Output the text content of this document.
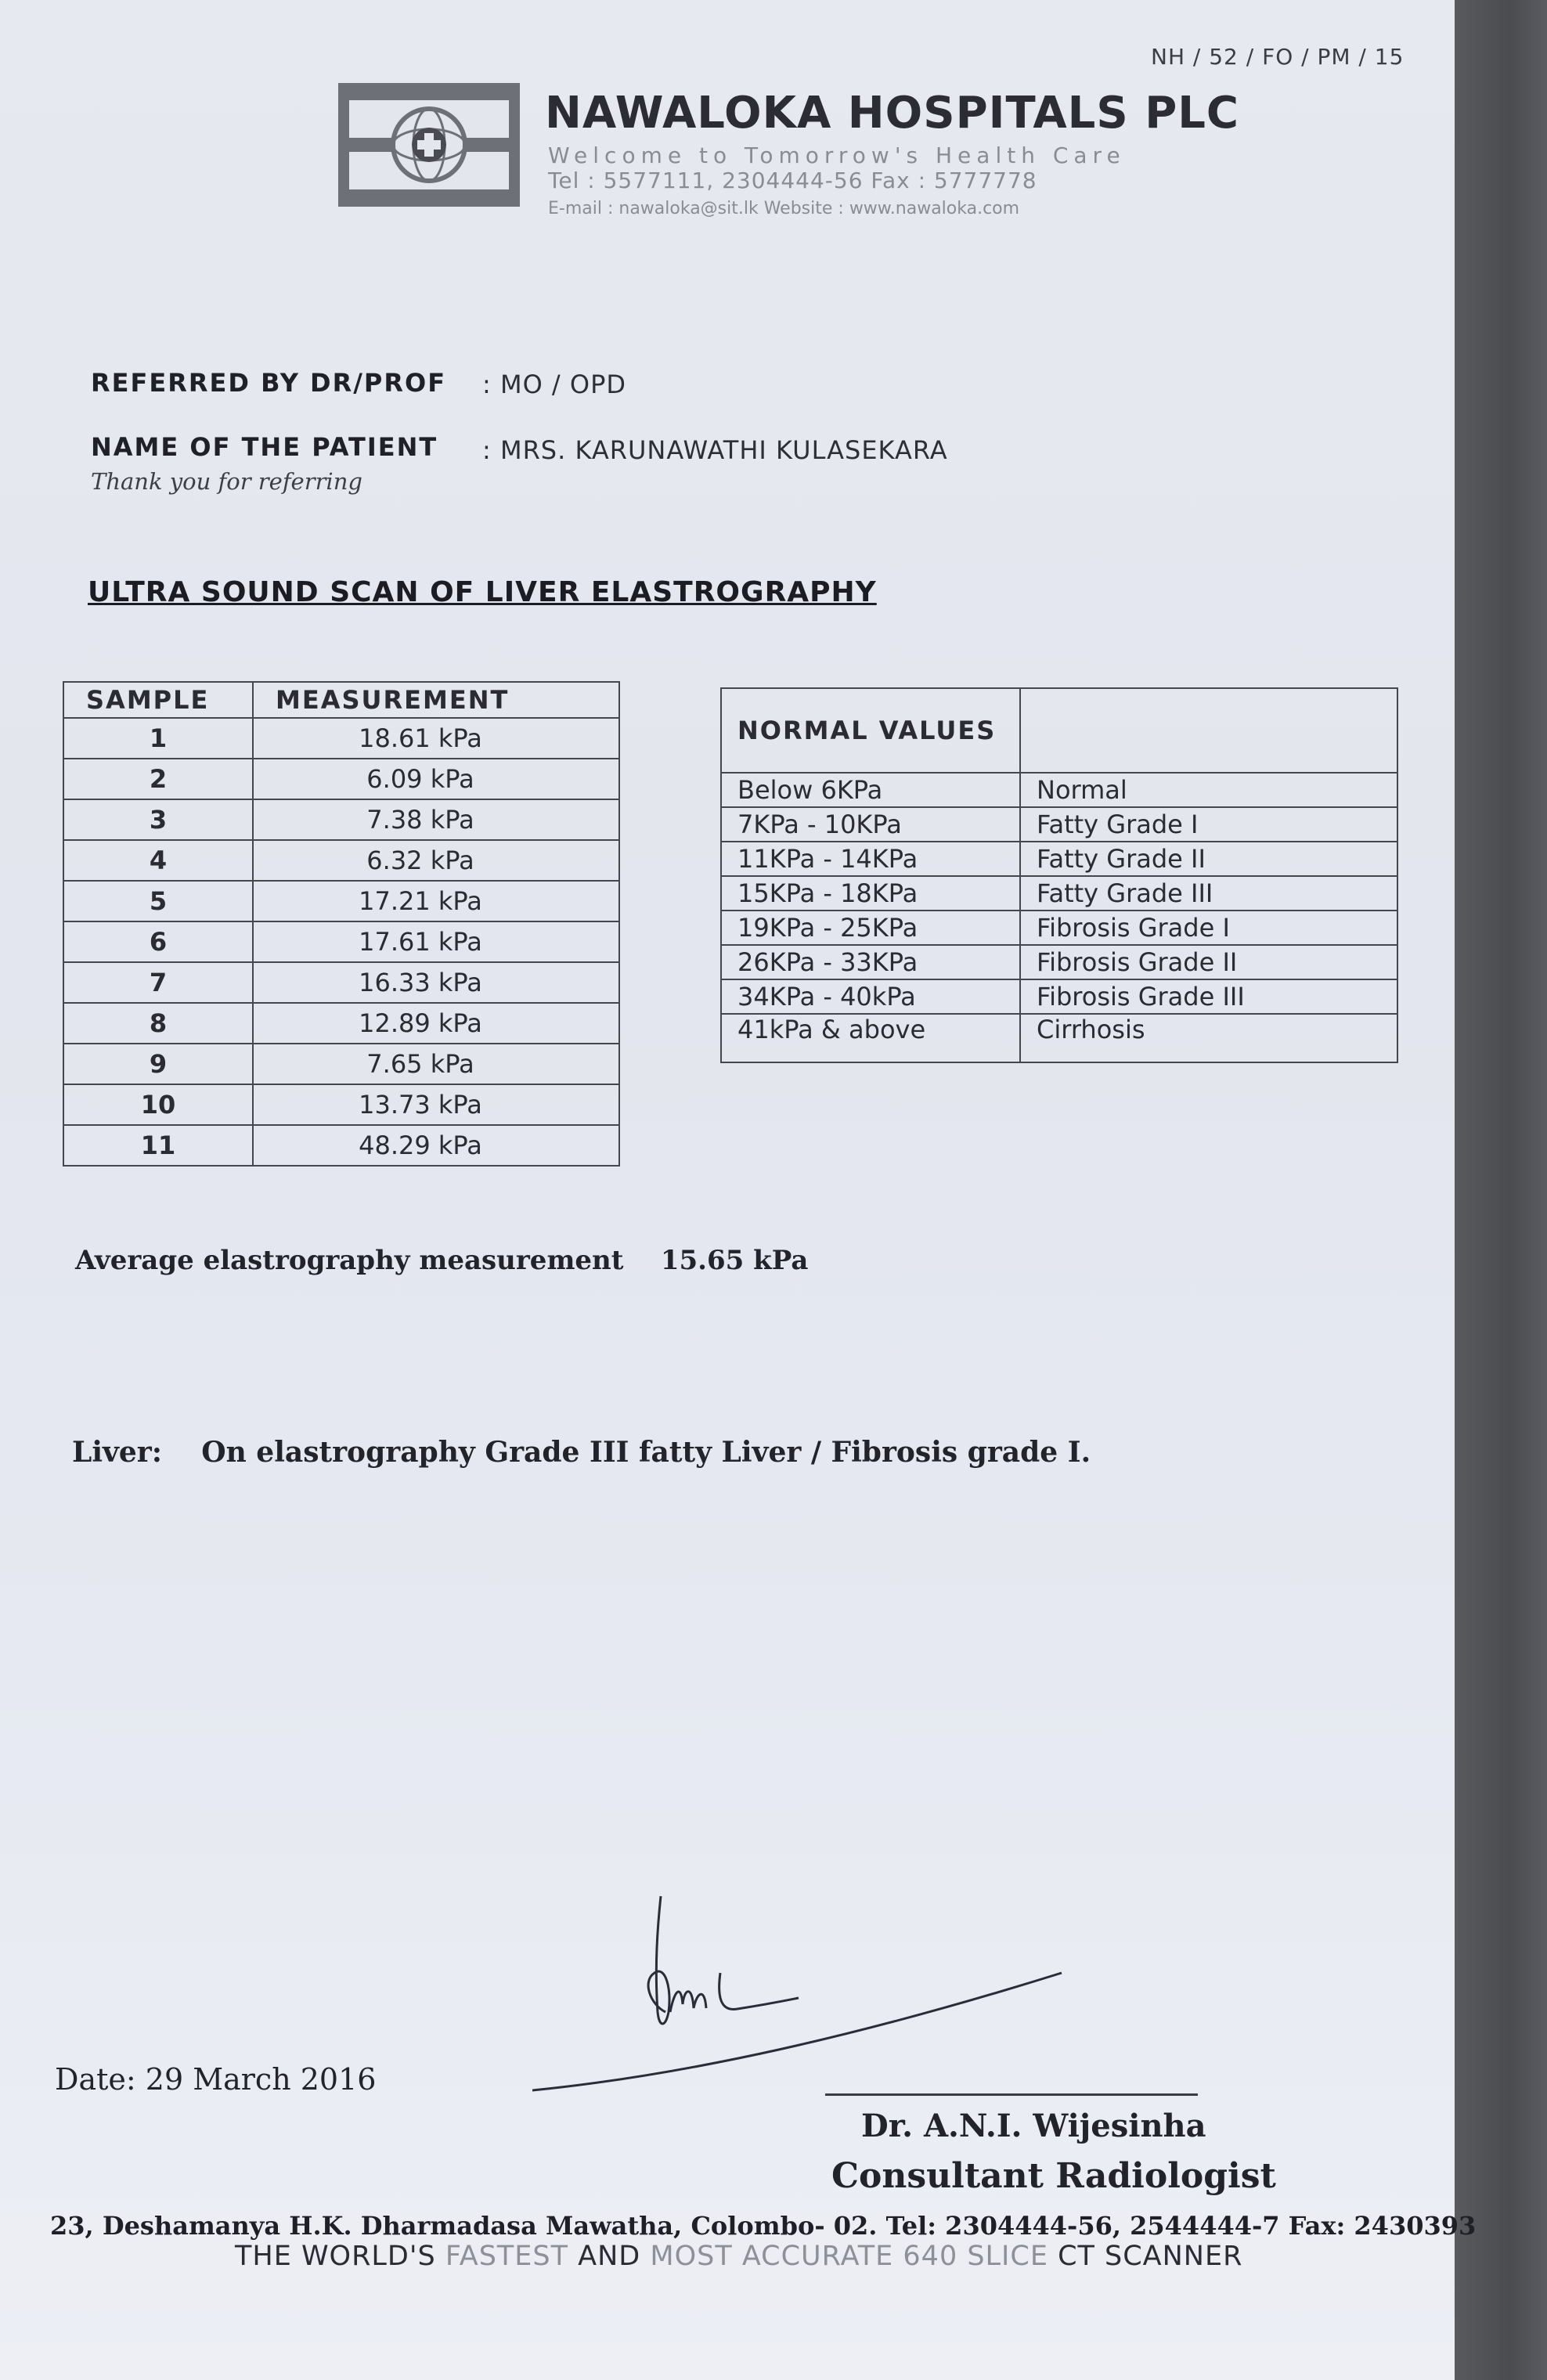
NH / 52 / FO / PM / 15
NAWALOKA HOSPITALS PLC
Welcome to Tomorrow's Health Care
Tel : 5577111, 2304444-56 Fax : 5777778
E-mail : nawaloka@sit.lk Website : www.nawaloka.com
REFERRED BY DR/PROF : MO / OPD
NAME OF THE PATIENT : MRS. KARUNAWATHI KULASEKARA
Thank you for referring
ULTRA SOUND SCAN OF LIVER ELASTROGRAPHY
SAMPLE	MEASUREMENT
1	18.61 kPa
2	6.09 kPa
3	7.38 kPa
4	6.32 kPa
5	17.21 kPa
6	17.61 kPa
7	16.33 kPa
8	12.89 kPa
9	7.65 kPa
10	13.73 kPa
11	48.29 kPa
NORMAL VALUES	
Below 6KPa	Normal
7KPa - 10KPa	Fatty Grade I
11KPa - 14KPa	Fatty Grade II
15KPa - 18KPa	Fatty Grade III
19KPa - 25KPa	Fibrosis Grade I
26KPa - 33KPa	Fibrosis Grade II
34KPa - 40kPa	Fibrosis Grade III
41kPa & above	Cirrhosis
Average elastrography measurement 15.65 kPa
Liver: On elastrography Grade III fatty Liver / Fibrosis grade I.
Date: 29 March 2016
Dr. A.N.I. Wijesinha
Consultant Radiologist
23, Deshamanya H.K. Dharmadasa Mawatha, Colombo- 02. Tel: 2304444-56, 2544444-7 Fax: 2430393
THE WORLD'S FASTEST AND MOST ACCURATE 640 SLICE CT SCANNER
